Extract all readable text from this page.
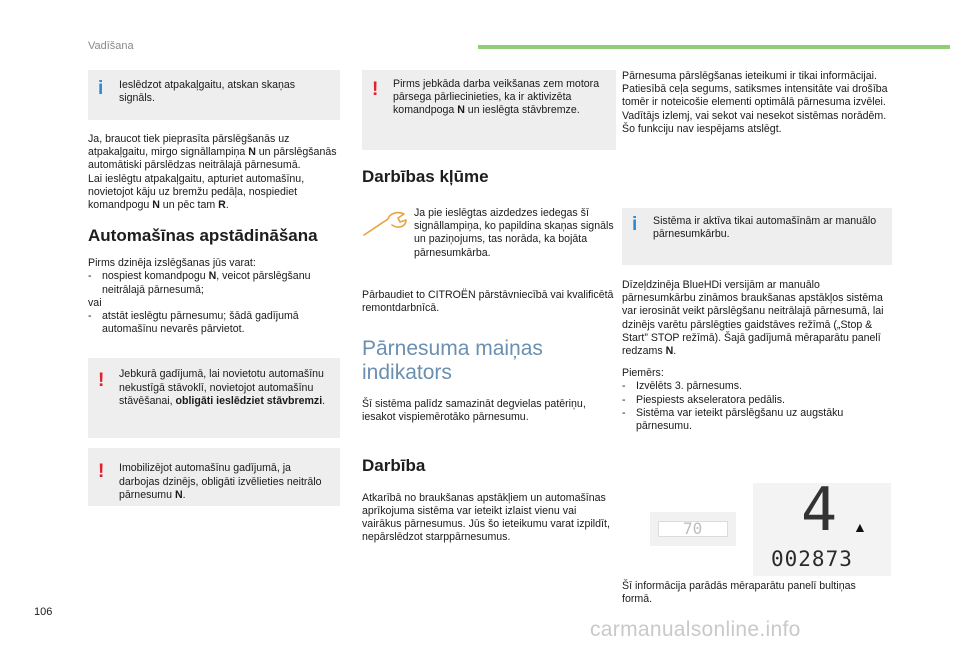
Vadīšana
i Ieslēdzot atpakaļgaitu, atskan skaņas signāls.
Ja, braucot tiek pieprasīta pārslēgšanās uz atpakaļgaitu, mirgo signāllampiņa N un pārslēgšanās automātiski pārslēdzas neitrālajā pārnesumā.
Lai ieslēgtu atpakaļgaitu, apturiet automašīnu, novietojot kāju uz bremžu pedāļa, nospiediet komandpogu N un pēc tam R.
Automašīnas apstādināšana
Pirms dzinēja izslēgšanas jūs varat:
- nospiest komandpogu N, veicot pārslēgšanu neitrālajā pārnesumā;
vai
- atstāt ieslēgtu pārnesumu; šādā gadījumā automašīnu nevarēs pārvietot.
! Jebkurā gadījumā, lai novietotu automašīnu nekustīgā stāvoklī, novietojot automašīnu stāvēšanai, obligāti ieslēdziet stāvbremzi.
! Imobilizējot automašīnu gadījumā, ja darbojas dzinējs, obligāti izvēlieties neitrālo pārnesumu N.
! Pirms jebkāda darba veikšanas zem motora pārsega pārliecinieties, ka ir aktivizēta komandpoga N un ieslēgta stāvbremze.
Darbības kļūme
Ja pie ieslēgtas aizdedzes iedegas šī signāllampiņa, ko papildina skaņas signāls un paziņojums, tas norāda, ka bojāta pārnesumkārba.
Pārbaudiet to CITROËN pārstāvniecībā vai kvalificētā remontdarbnīcā.
Pārnesuma maiņas
indikators
Šī sistēma palīdz samazināt degvielas patēriņu, iesakot vispiemērotāko pārnesumu.
Darbība
Atkarībā no braukšanas apstākļiem un automašīnas aprīkojuma sistēma var ieteikt izlaist vienu vai vairākus pārnesumus. Jūs šo ieteikumu varat izpildīt, nepārslēdzot starppārnesumus.
Pārnesuma pārslēgšanas ieteikumi ir tikai informācijai. Patiesībā ceļa segums, satiksmes intensitāte vai drošība tomēr ir noteicošie elementi optimālā pārnesuma izvēlei. Vadītājs izlemj, vai sekot vai nesekot sistēmas norādēm. Šo funkciju nav iespējams atslēgt.
i Sistēma ir aktīva tikai automašīnām ar manuālo pārnesumkārbu.
Dīzeļdzinēja BlueHDi versijām ar manuālo pārnesumkārbu zināmos braukšanas apstākļos sistēma var ierosināt veikt pārslēgšanu neitrālajā pārnesumā, lai dzinējs varētu pārslēgties gaidstāves režīmā („Stop & Start” STOP režīmā). Šajā gadījumā mēraparātu panelī redzams N.
Piemērs:
- Izvēlēts 3. pārnesums.
- Piespiests akseleratora pedālis.
- Sistēma var ieteikt pārslēgšanu uz augstāku pārnesumu.
70 4 ▲
002873
Šī informācija parādās mēraparātu panelī bultiņas formā.
106
carmanualsonline.info
